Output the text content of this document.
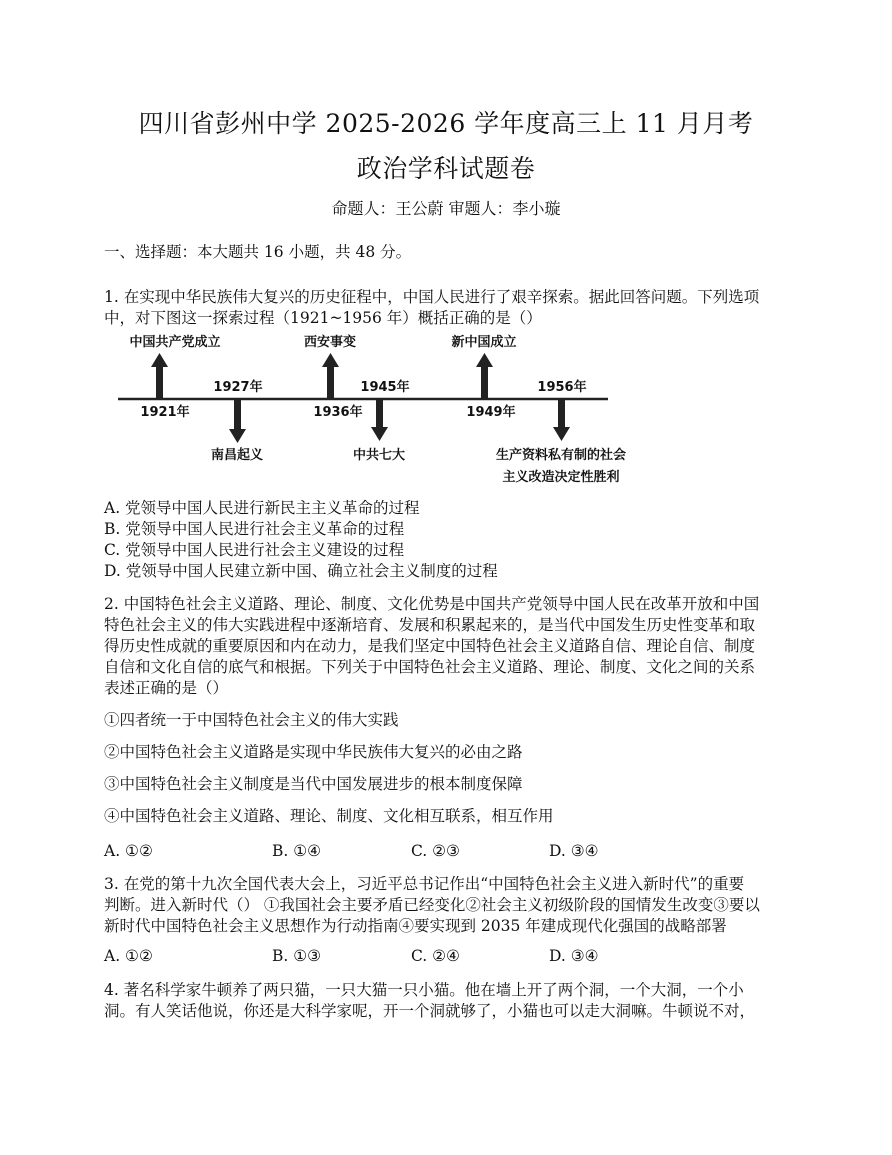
四川省彭州中学 2025-2026 学年度高三上 11 月月考
政治学科试题卷
命题人：王公蔚 审题人：李小璇
一、选择题：本大题共 16 小题，共 48 分。
1. 在实现中华民族伟大复兴的历史征程中，中国人民进行了艰辛探索。据此回答问题。下列选项
中，对下图这一探索过程（1921~1956 年）概括正确的是（）
中国共产党成立	西安事变	新中国成立
1927年	1945年	1956年
1921年	1936年	1949年
南昌起义	中共七大	生产资料私有制的社会
主义改造决定性胜利
A. 党领导中国人民进行新民主主义革命的过程
B. 党领导中国人民进行社会主义革命的过程
C. 党领导中国人民进行社会主义建设的过程
D. 党领导中国人民建立新中国、确立社会主义制度的过程
2. 中国特色社会主义道路、理论、制度、文化优势是中国共产党领导中国人民在改革开放和中国
特色社会主义的伟大实践进程中逐渐培育、发展和积累起来的，是当代中国发生历史性变革和取
得历史性成就的重要原因和内在动力，是我们坚定中国特色社会主义道路自信、理论自信、制度
自信和文化自信的底气和根据。下列关于中国特色社会主义道路、理论、制度、文化之间的关系
表述正确的是（）
①四者统一于中国特色社会主义的伟大实践
②中国特色社会主义道路是实现中华民族伟大复兴的必由之路
③中国特色社会主义制度是当代中国发展进步的根本制度保障
④中国特色社会主义道路、理论、制度、文化相互联系，相互作用
A. ①②	B. ①④	C. ②③	D. ③④
3. 在党的第十九次全国代表大会上，习近平总书记作出“中国特色社会主义进入新时代”的重要
判断。进入新时代（） ①我国社会主要矛盾已经变化②社会主义初级阶段的国情发生改变③要以
新时代中国特色社会主义思想作为行动指南④要实现到 2035 年建成现代化强国的战略部署
A. ①②	B. ①③	C. ②④	D. ③④
4. 著名科学家牛顿养了两只猫，一只大猫一只小猫。他在墙上开了两个洞，一个大洞，一个小
洞。有人笑话他说，你还是大科学家呢，开一个洞就够了，小猫也可以走大洞嘛。牛顿说不对，
